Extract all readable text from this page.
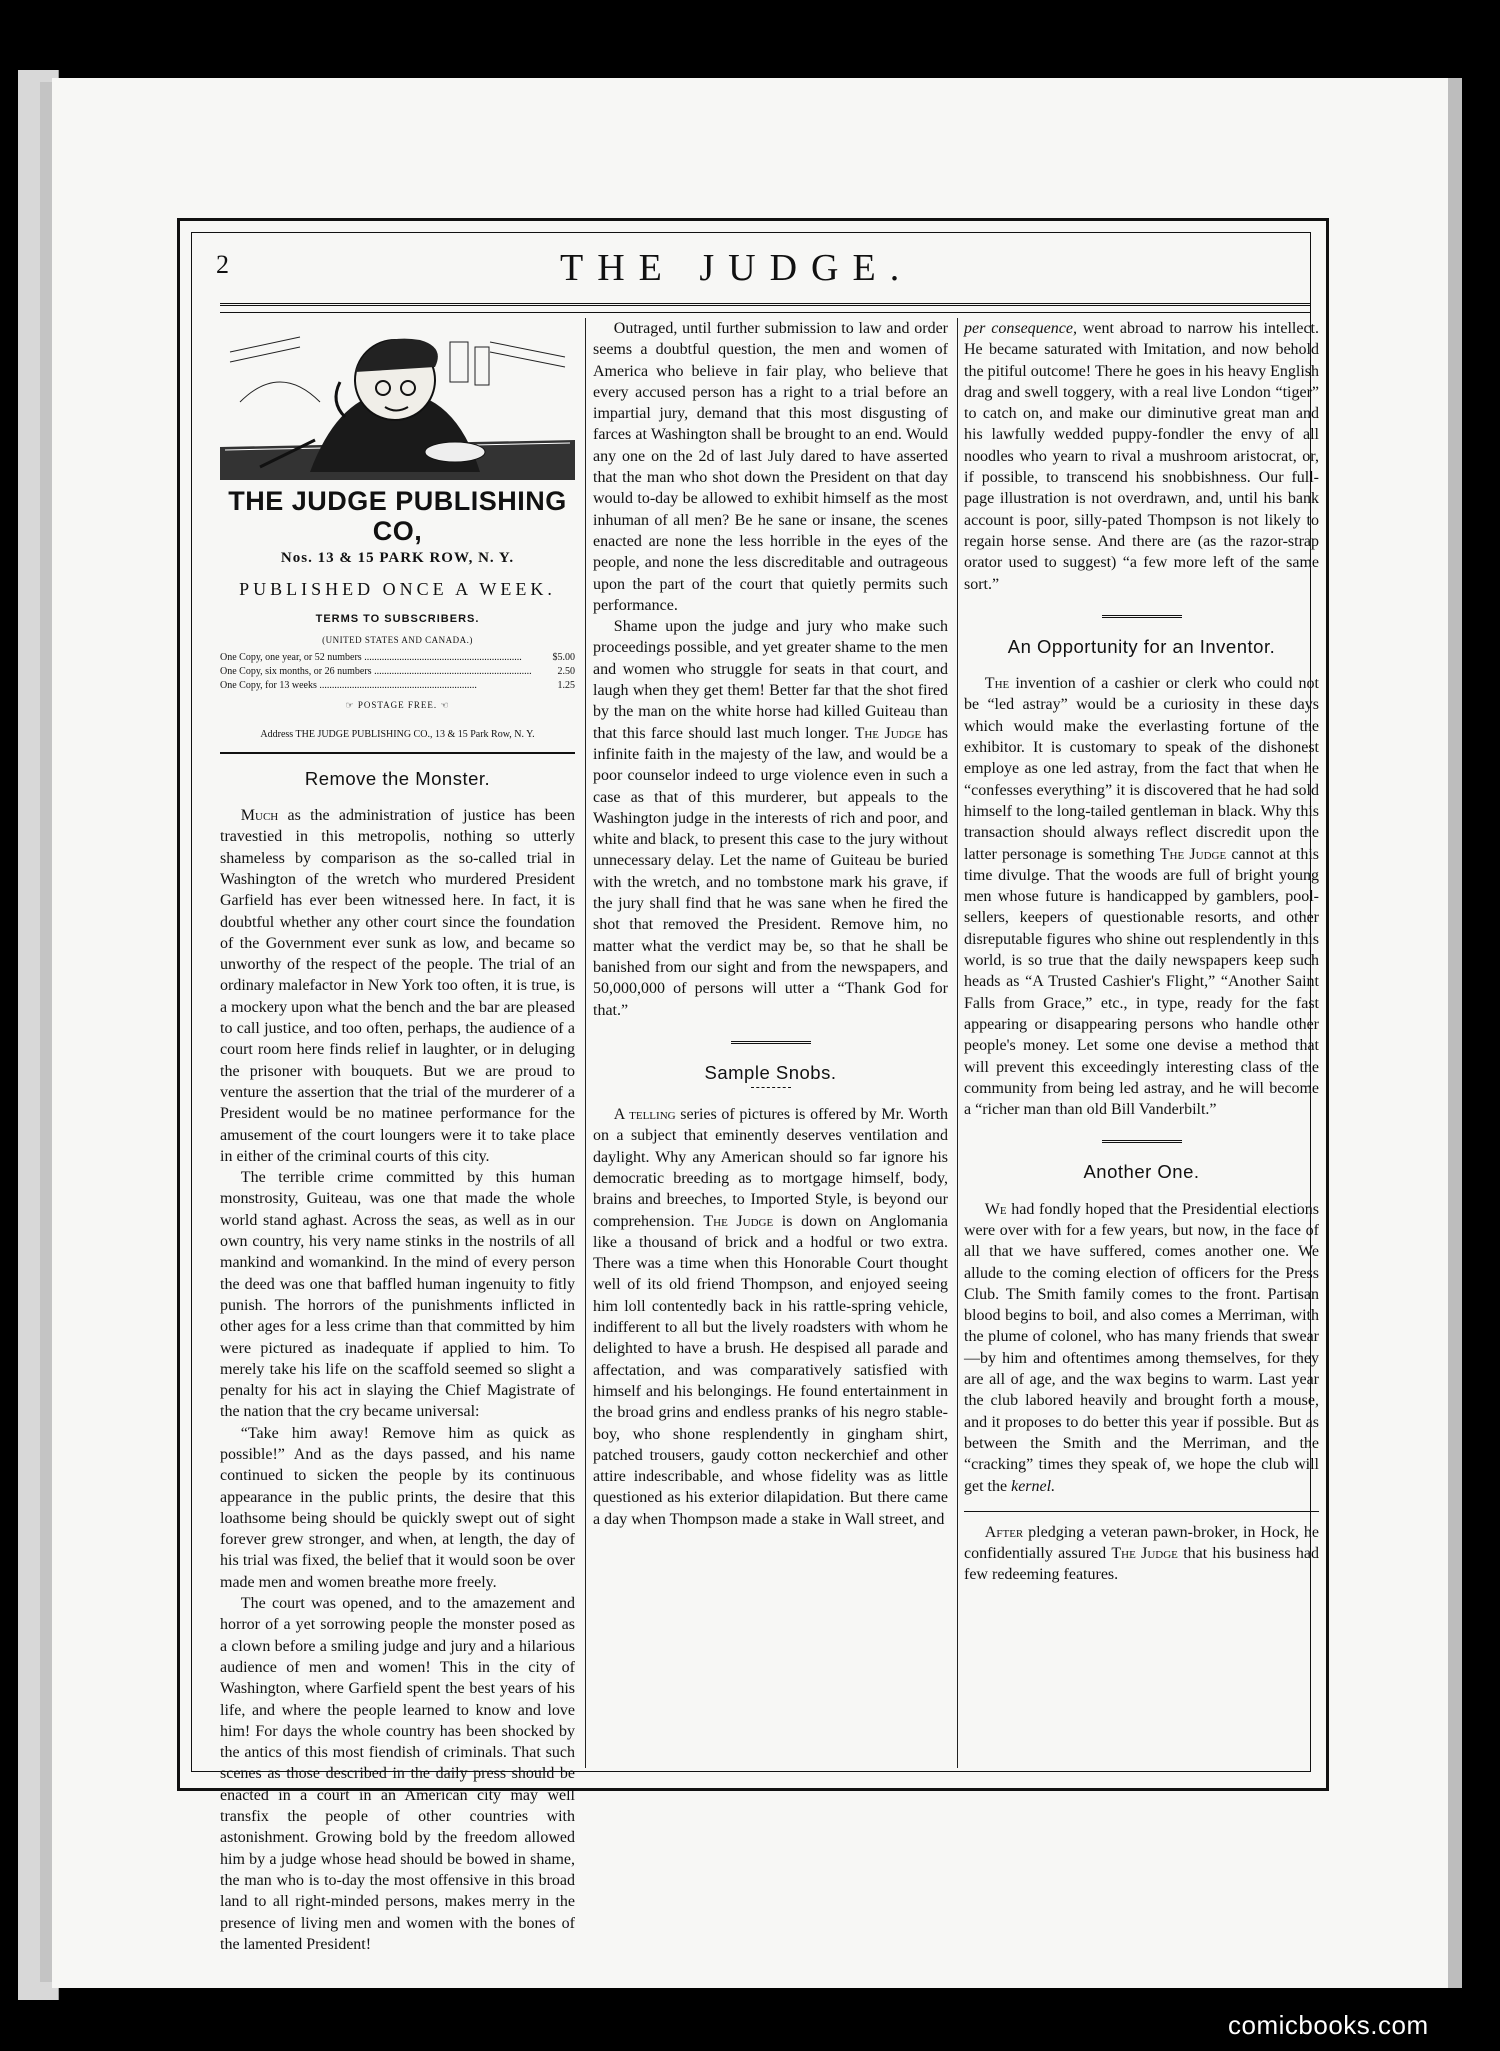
2	THE JUDGE.
THE JUDGE PUBLISHING CO,
Nos. 13 & 15 PARK ROW, N. Y.
PUBLISHED ONCE A WEEK.
TERMS TO SUBSCRIBERS.
(UNITED STATES AND CANADA.)
One Copy, one year, or 52 numbers .....	$5.00
One Copy, six months, or 26 numbers .....	2.50
One Copy, for 13 weeks .....	1.25
☞ POSTAGE FREE. ☜
Address THE JUDGE PUBLISHING CO., 13 & 15 Park Row, N. Y.
Remove the Monster.

Much as the administration of justice has been travestied in this metropolis, nothing so utterly shameless by comparison as the so-called trial in Washington of the wretch who murdered President Garfield has ever been witnessed here. In fact, it is doubtful whether any other court since the foundation of the Government ever sunk as low, and became so unworthy of the respect of the people. The trial of an ordinary malefactor in New York too often, it is true, is a mockery upon what the bench and the bar are pleased to call justice, and too often, perhaps, the audience of a court room here finds relief in laughter, or in deluging the prisoner with bouquets. But we are proud to venture the assertion that the trial of the murderer of a President would be no matinee performance for the amusement of the court loungers were it to take place in either of the criminal courts of this city.

The terrible crime committed by this human monstrosity, Guiteau, was one that made the whole world stand aghast. Across the seas, as well as in our own country, his very name stinks in the nostrils of all mankind and womankind. In the mind of every person the deed was one that baffled human ingenuity to fitly punish. The horrors of the punishments inflicted in other ages for a less crime than that committed by him were pictured as inadequate if applied to him. To merely take his life on the scaffold seemed so slight a penalty for his act in slaying the Chief Magistrate of the nation that the cry became universal:

“Take him away! Remove him as quick as possible!” And as the days passed, and his name continued to sicken the people by its continuous appearance in the public prints, the desire that this loathsome being should be quickly swept out of sight forever grew stronger, and when, at length, the day of his trial was fixed, the belief that it would soon be over made men and women breathe more freely.

The court was opened, and to the amazement and horror of a yet sorrowing people the monster posed as a clown before a smiling judge and jury and a hilarious audience of men and women! This in the city of Washington, where Garfield spent the best years of his life, and where the people learned to know and love him! For days the whole country has been shocked by the antics of this most fiendish of criminals. That such scenes as those described in the daily press should be enacted in a court in an American city may well transfix the people of other countries with astonishment. Growing bold by the freedom allowed him by a judge whose head should be bowed in shame, the man who is to-day the most offensive in this broad land to all right-minded persons, makes merry in the presence of living men and women with the bones of the lamented President!

Outraged, until further submission to law and order seems a doubtful question, the men and women of America who believe in fair play, who believe that every accused person has a right to a trial before an impartial jury, demand that this most disgusting of farces at Washington shall be brought to an end. Would any one on the 2d of last July dared to have asserted that the man who shot down the President on that day would to-day be allowed to exhibit himself as the most inhuman of all men? Be he sane or insane, the scenes enacted are none the less horrible in the eyes of the people, and none the less discreditable and outrageous upon the part of the court that quietly permits such performance.

Shame upon the judge and jury who make such proceedings possible, and yet greater shame to the men and women who struggle for seats in that court, and laugh when they get them! Better far that the shot fired by the man on the white horse had killed Guiteau than that this farce should last much longer. The Judge has infinite faith in the majesty of the law, and would be a poor counselor indeed to urge violence even in such a case as that of this murderer, but appeals to the Washington judge in the interests of rich and poor, and white and black, to present this case to the jury without unnecessary delay. Let the name of Guiteau be buried with the wretch, and no tombstone mark his grave, if the jury shall find that he was sane when he fired the shot that removed the President. Remove him, no matter what the verdict may be, so that he shall be banished from our sight and from the newspapers, and 50,000,000 of persons will utter a “Thank God for that.”

Sample Snobs.

A telling series of pictures is offered by Mr. Worth on a subject that eminently deserves ventilation and daylight. Why any American should so far ignore his democratic breeding as to mortgage himself, body, brains and breeches, to Imported Style, is beyond our comprehension. The Judge is down on Anglomania like a thousand of brick and a hodful or two extra. There was a time when this Honorable Court thought well of its old friend Thompson, and enjoyed seeing him loll contentedly back in his rattle-spring vehicle, indifferent to all but the lively roadsters with whom he delighted to have a brush. He despised all parade and affectation, and was comparatively satisfied with himself and his belongings. He found entertainment in the broad grins and endless pranks of his negro stable-boy, who shone resplendently in gingham shirt, patched trousers, gaudy cotton neckerchief and other attire indescribable, and whose fidelity was as little questioned as his exterior dilapidation. But there came a day when Thompson made a stake in Wall street, and

per consequence, went abroad to narrow his intellect. He became saturated with Imitation, and now behold the pitiful outcome! There he goes in his heavy English drag and swell toggery, with a real live London “tiger” to catch on, and make our diminutive great man and his lawfully wedded puppy-fondler the envy of all noodles who yearn to rival a mushroom aristocrat, or, if possible, to transcend his snobbishness. Our full-page illustration is not overdrawn, and, until his bank account is poor, silly-pated Thompson is not likely to regain horse sense. And there are (as the razor-strap orator used to suggest) “a few more left of the same sort.”

An Opportunity for an Inventor.

The invention of a cashier or clerk who could not be “led astray” would be a curiosity in these days which would make the everlasting fortune of the exhibitor. It is customary to speak of the dishonest employe as one led astray, from the fact that when he “confesses everything” it is discovered that he had sold himself to the long-tailed gentleman in black. Why this transaction should always reflect discredit upon the latter personage is something The Judge cannot at this time divulge. That the woods are full of bright young men whose future is handicapped by gamblers, pool-sellers, keepers of questionable resorts, and other disreputable figures who shine out resplendently in this world, is so true that the daily newspapers keep such heads as “A Trusted Cashier's Flight,” “Another Saint Falls from Grace,” etc., in type, ready for the fast appearing or disappearing persons who handle other people's money. Let some one devise a method that will prevent this exceedingly interesting class of the community from being led astray, and he will become a “richer man than old Bill Vanderbilt.”

Another One.

We had fondly hoped that the Presidential elections were over with for a few years, but now, in the face of all that we have suffered, comes another one. We allude to the coming election of officers for the Press Club. The Smith family comes to the front. Partisan blood begins to boil, and also comes a Merriman, with the plume of colonel, who has many friends that swear—by him and oftentimes among themselves, for they are all of age, and the wax begins to warm. Last year the club labored heavily and brought forth a mouse, and it proposes to do better this year if possible. But as between the Smith and the Merriman, and the “cracking” times they speak of, we hope the club will get the kernel.

After pledging a veteran pawn-broker, in Hock, he confidentially assured The Judge that his business had few redeeming features.

comicbooks.com
